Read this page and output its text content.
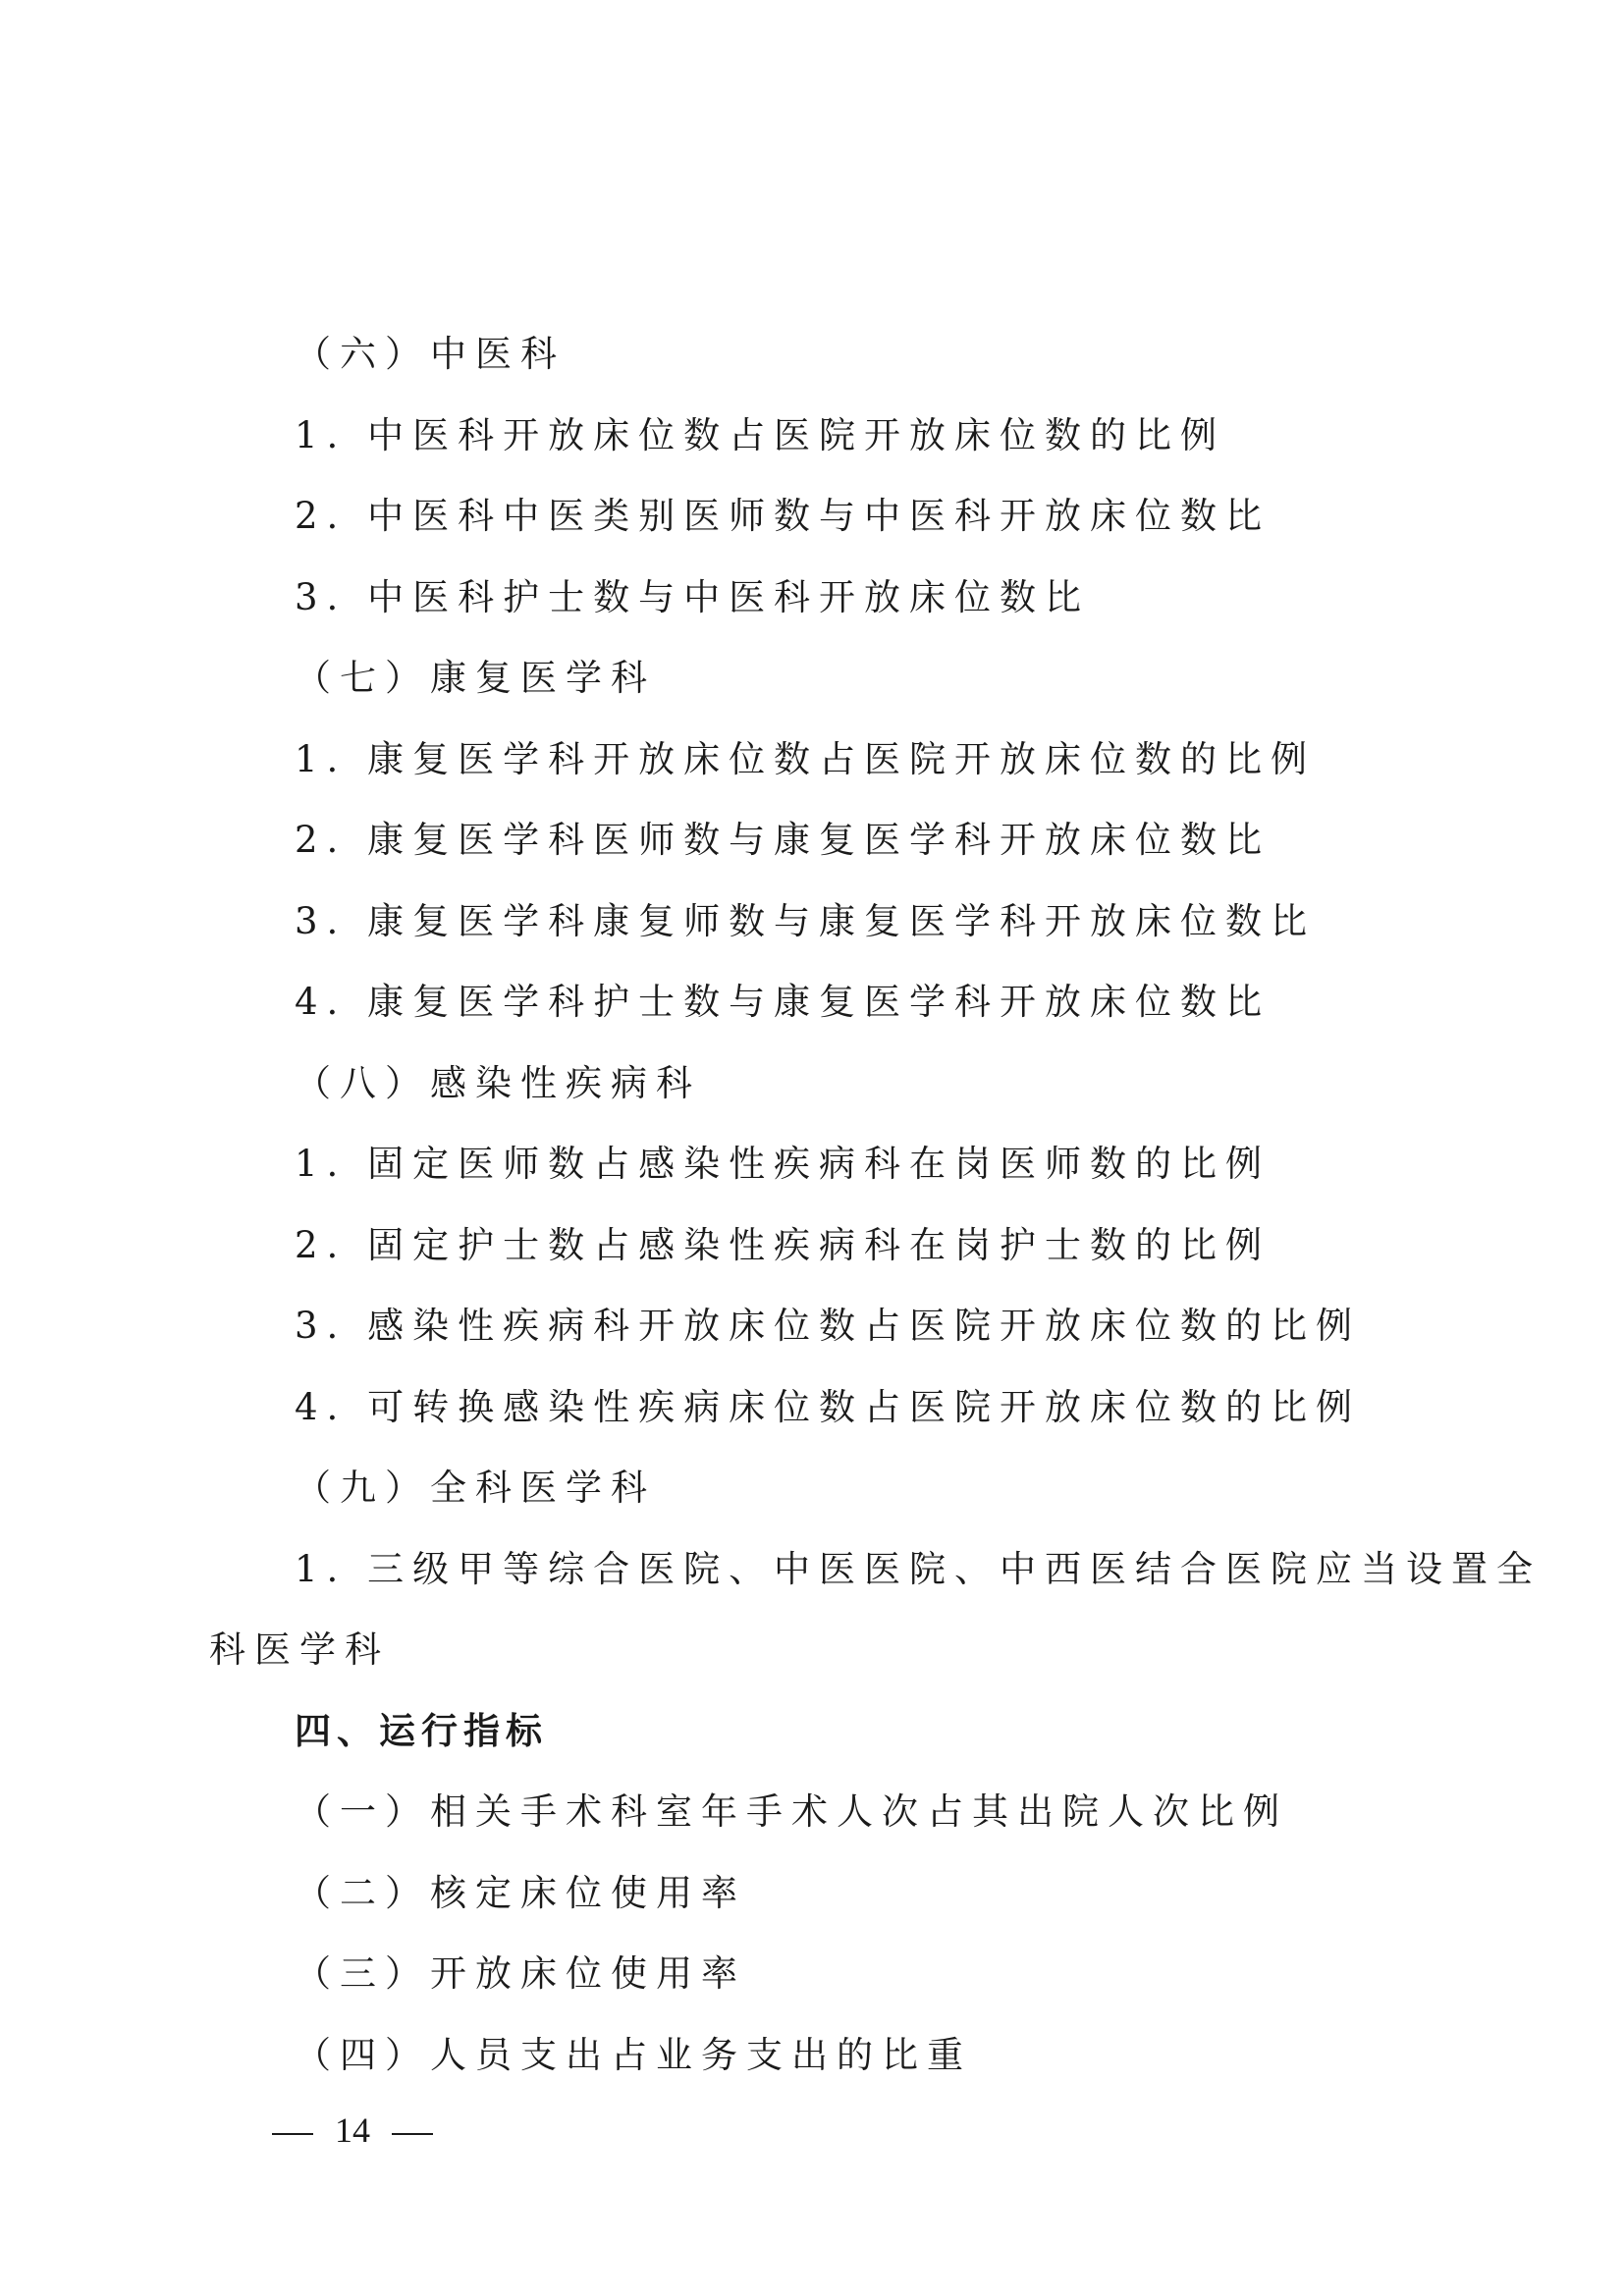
（六）中医科
1. 中医科开放床位数占医院开放床位数的比例
2. 中医科中医类别医师数与中医科开放床位数比
3. 中医科护士数与中医科开放床位数比
（七）康复医学科
1. 康复医学科开放床位数占医院开放床位数的比例
2. 康复医学科医师数与康复医学科开放床位数比
3. 康复医学科康复师数与康复医学科开放床位数比
4. 康复医学科护士数与康复医学科开放床位数比
（八）感染性疾病科
1. 固定医师数占感染性疾病科在岗医师数的比例
2. 固定护士数占感染性疾病科在岗护士数的比例
3. 感染性疾病科开放床位数占医院开放床位数的比例
4. 可转换感染性疾病床位数占医院开放床位数的比例
（九）全科医学科
1. 三级甲等综合医院、中医医院、中西医结合医院应当设置全
科医学科
四、运行指标
（一）相关手术科室年手术人次占其出院人次比例
（二）核定床位使用率
（三）开放床位使用率
（四）人员支出占业务支出的比重
14
